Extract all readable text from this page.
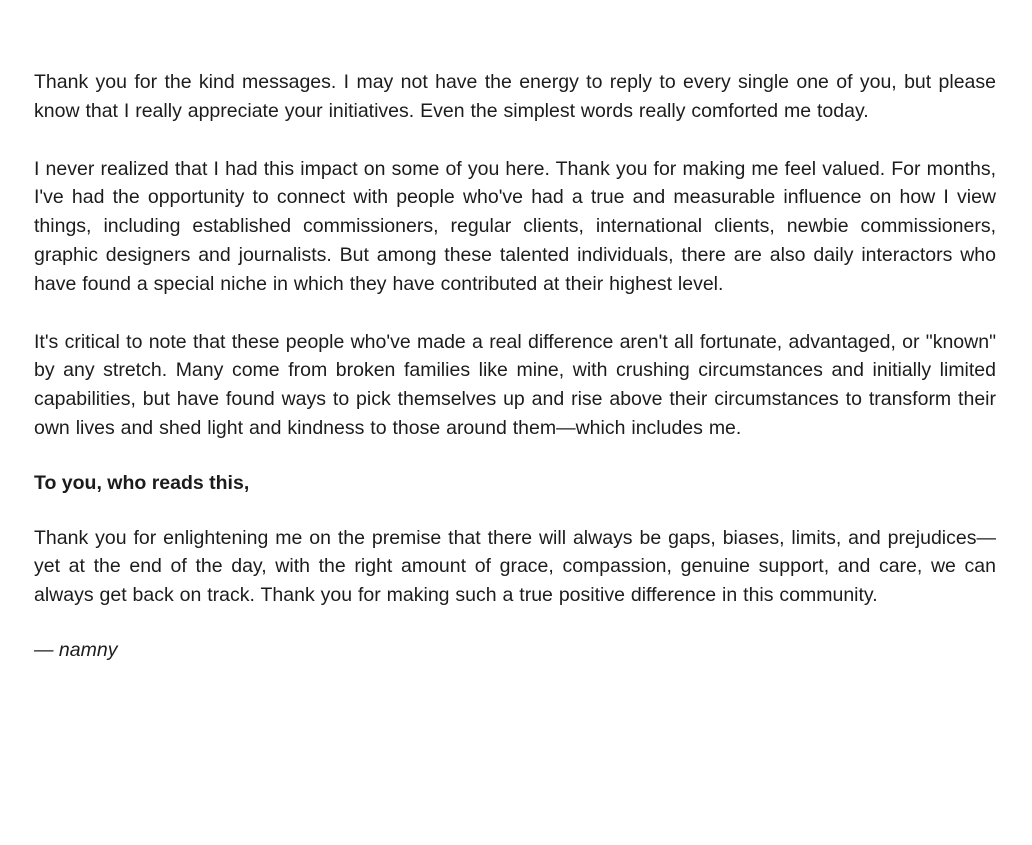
Thank you for the kind messages. I may not have the energy to reply to every single one of you, but please know that I really appreciate your initiatives. Even the simplest words really comforted me today.

I never realized that I had this impact on some of you here. Thank you for making me feel valued. For months, I've had the opportunity to connect with people who've had a true and measurable influence on how I view things, including established commissioners, regular clients, international clients, newbie commissioners, graphic designers and journalists. But among these talented individuals, there are also daily interactors who have found a special niche in which they have contributed at their highest level.

It's critical to note that these people who've made a real difference aren't all fortunate, advantaged, or "known" by any stretch. Many come from broken families like mine, with crushing circumstances and initially limited capabilities, but have found ways to pick themselves up and rise above their circumstances to transform their own lives and shed light and kindness to those around them—which includes me.

To you, who reads this,

Thank you for enlightening me on the premise that there will always be gaps, biases, limits, and prejudices—yet at the end of the day, with the right amount of grace, compassion, genuine support, and care, we can always get back on track. Thank you for making such a true positive difference in this community.

— namny
